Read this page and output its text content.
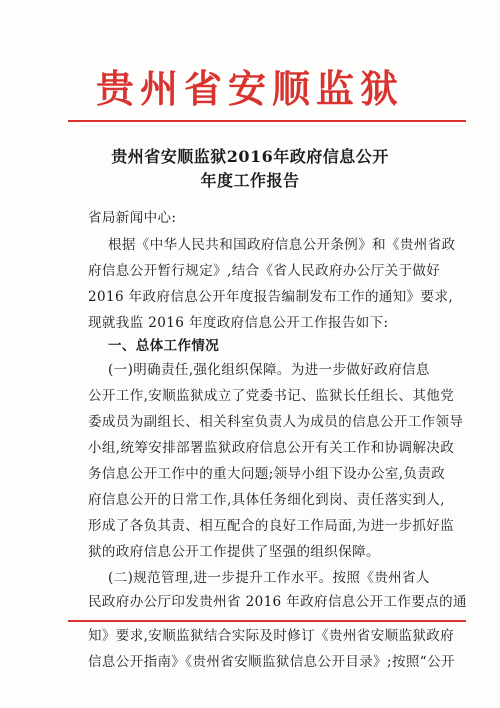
贵州省安顺监狱
贵州省安顺监狱2016年政府信息公开
年度工作报告
省局新闻中心:
根据《中华人民共和国政府信息公开条例》和《贵州省政
府信息公开暂行规定》,结合《省人民政府办公厅关于做好
2016 年政府信息公开年度报告编制发布工作的通知》要求,
现就我监 2016 年度政府信息公开工作报告如下:
一、总体工作情况
(一)明确责任,强化组织保障。为进一步做好政府信息
公开工作,安顺监狱成立了党委书记、监狱长任组长、其他党
委成员为副组长、相关科室负责人为成员的信息公开工作领导
小组,统筹安排部署监狱政府信息公开有关工作和协调解决政
务信息公开工作中的重大问题;领导小组下设办公室,负责政
府信息公开的日常工作,具体任务细化到岗、责任落实到人,
形成了各负其责、相互配合的良好工作局面,为进一步抓好监
狱的政府信息公开工作提供了坚强的组织保障。
(二)规范管理,进一步提升工作水平。按照《贵州省人
民政府办公厅印发贵州省 2016 年政府信息公开工作要点的通
知》要求,安顺监狱结合实际及时修订《贵州省安顺监狱政府
信息公开指南》《贵州省安顺监狱信息公开目录》;按照“公开
